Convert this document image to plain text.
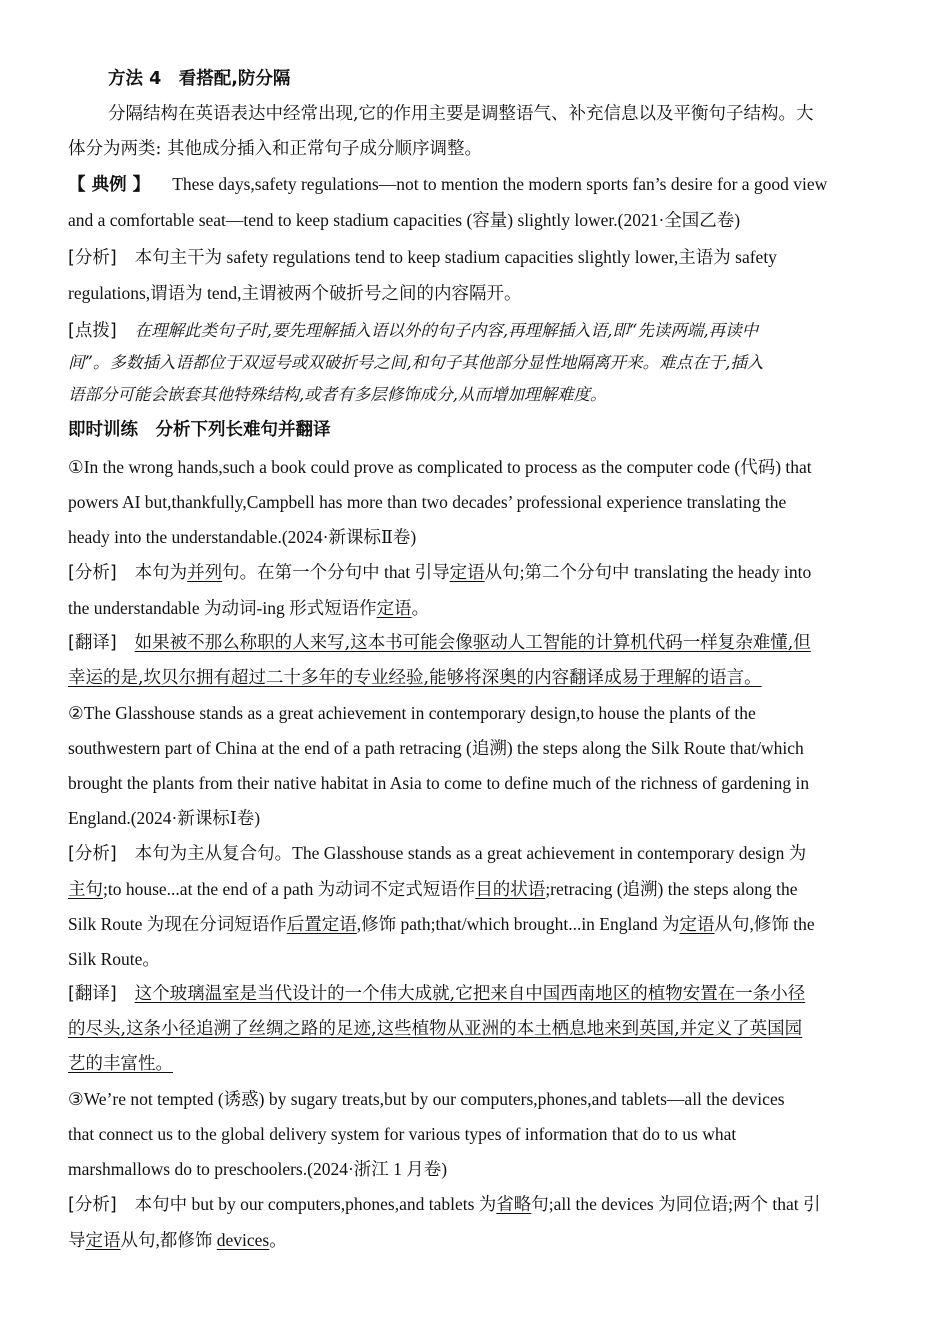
方法 4　看搭配,防分隔
分隔结构在英语表达中经常出现,它的作用主要是调整语气、补充信息以及平衡句子结构。大
体分为两类: 其他成分插入和正常句子成分顺序调整。
【 典例 】 These days,safety regulations—not to mention the modern sports fan’s desire for a good view
and a comfortable seat—tend to keep stadium capacities (容量) slightly lower.(2021·全国乙卷)
[分析] 本句主干为 safety regulations tend to keep stadium capacities slightly lower,主语为 safety
regulations,谓语为 tend,主谓被两个破折号之间的内容隔开。
[点拨] 在理解此类句子时,要先理解插入语以外的句子内容,再理解插入语,即“先读两端,再读中
间”。多数插入语都位于双逗号或双破折号之间,和句子其他部分显性地隔离开来。难点在于,插入
语部分可能会嵌套其他特殊结构,或者有多层修饰成分,从而增加理解难度。
即时训练　分析下列长难句并翻译
①In the wrong hands,such a book could prove as complicated to process as the computer code (代码) that
powers AI but,thankfully,Campbell has more than two decades’ professional experience translating the
heady into the understandable.(2024·新课标Ⅱ卷)
[分析] 本句为并列句。在第一个分句中 that 引导定语从句;第二个分句中 translating the heady into
the understandable 为动词-ing 形式短语作定语。
[翻译] 如果被不那么称职的人来写,这本书可能会像驱动人工智能的计算机代码一样复杂难懂,但
幸运的是,坎贝尔拥有超过二十多年的专业经验,能够将深奥的内容翻译成易于理解的语言。
②The Glasshouse stands as a great achievement in contemporary design,to house the plants of the
southwestern part of China at the end of a path retracing (追溯) the steps along the Silk Route that/which
brought the plants from their native habitat in Asia to come to define much of the richness of gardening in
England.(2024·新课标Ⅰ卷)
[分析] 本句为主从复合句。The Glasshouse stands as a great achievement in contemporary design 为
主句;to house...at the end of a path 为动词不定式短语作目的状语;retracing (追溯) the steps along the
Silk Route 为现在分词短语作后置定语,修饰 path;that/which brought...in England 为定语从句,修饰 the
Silk Route。
[翻译] 这个玻璃温室是当代设计的一个伟大成就,它把来自中国西南地区的植物安置在一条小径
的尽头,这条小径追溯了丝绸之路的足迹,这些植物从亚洲的本土栖息地来到英国,并定义了英国园
艺的丰富性。
③We’re not tempted (诱惑) by sugary treats,but by our computers,phones,and tablets—all the devices
that connect us to the global delivery system for various types of information that do to us what
marshmallows do to preschoolers.(2024·浙江 1 月卷)
[分析] 本句中 but by our computers,phones,and tablets 为省略句;all the devices 为同位语;两个 that 引
导定语从句,都修饰 devices。
